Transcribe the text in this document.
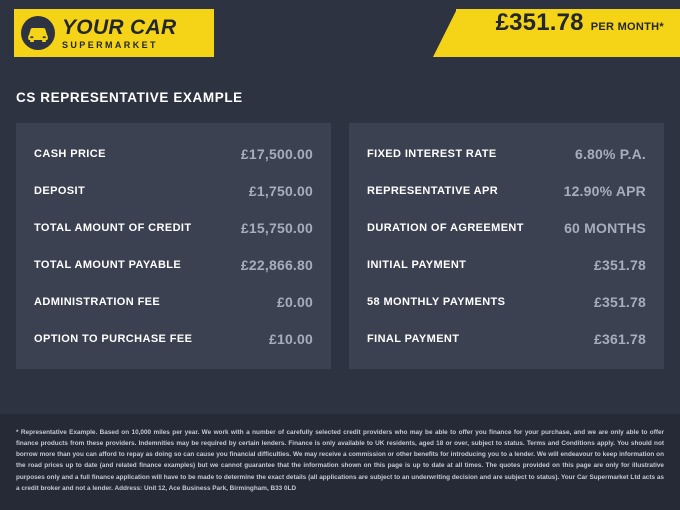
YOUR CAR
SUPERMARKET
£351.78 PER MONTH*
CS REPRESENTATIVE EXAMPLE
CASH PRICE	£17,500.00
DEPOSIT	£1,750.00
TOTAL AMOUNT OF CREDIT	£15,750.00
TOTAL AMOUNT PAYABLE	£22,866.80
ADMINISTRATION FEE	£0.00
OPTION TO PURCHASE FEE	£10.00
FIXED INTEREST RATE	6.80% P.A.
REPRESENTATIVE APR	12.90% APR
DURATION OF AGREEMENT	60 MONTHS
INITIAL PAYMENT	£351.78
58 MONTHLY PAYMENTS	£351.78
FINAL PAYMENT	£361.78

* Representative Example. Based on 10,000 miles per year. We work with a number of carefully selected credit providers who may be able to offer you finance for your purchase, and we are only able to offer finance products from these providers. Indemnities may be required by certain lenders. Finance is only available to UK residents, aged 18 or over, subject to status. Terms and Conditions apply. You should not borrow more than you can afford to repay as doing so can cause you financial difficulties. We may receive a commission or other benefits for introducing you to a lender. We will endeavour to keep information on the road prices up to date (and related finance examples) but we cannot guarantee that the information shown on this page is up to date at all times. The quotes provided on this page are only for illustrative purposes only and a full finance application will have to be made to determine the exact details (all applications are subject to an underwriting decision and are subject to status). Your Car Supermarket Ltd acts as a credit broker and not a lender. Address: Unit 12, Ace Business Park, Birmingham, B33 0LD
